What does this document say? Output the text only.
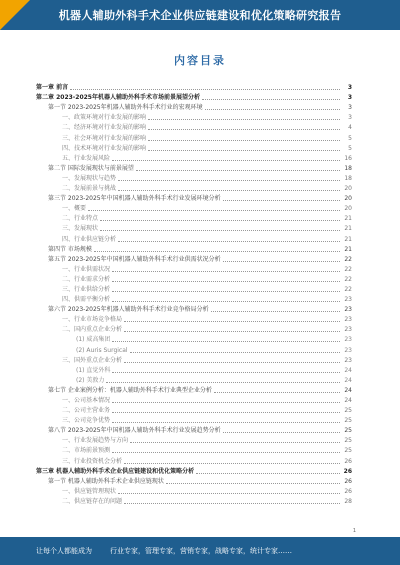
机器人辅助外科手术企业供应链建设和优化策略研究报告
内容目录
第一章 前言	3
第二章 2023-2025年机器人辅助外科手术市场前景展望分析	3
第一节 2023-2025年机器人辅助外科手术行业的宏观环境	3
一、政策环境对行业发展的影响	3
二、经济环境对行业发展的影响	4
三、社会环境对行业发展的影响	5
四、技术环境对行业发展的影响	5
五、行业发展风险	16
第二节 国际发展现状与前景展望	18
一、发展现状与趋势	18
二、发展前景与挑战	20
第三节 2023-2025年中国机器人辅助外科手术行业发展环境分析	20
一、概要	20
二、行业特点	21
三、发展现状	21
四、行业供应链分析	21
第四节 市场规模	21
第五节 2023-2025年中国机器人辅助外科手术行业供需状况分析	22
一、行业供需状况	22
二、行业需求分析	22
三、行业供给分析	22
四、供需平衡分析	23
第六节 2023-2025年机器人辅助外科手术行业竞争格局分析	23
一、行业市场竞争格局	23
二、国内重点企业分析	23
(1) 威高集团	23
(2) Auris Surgical	23
三、国外重点企业分析	23
(1) 直觉外科	24
(2) 美敦力	24
第七节 企业案例分析：机器人辅助外科手术行业典型企业分析	24
一、公司基本情况	24
二、公司主营业务	25
三、公司竞争优势	25
第八节 2023-2025年中国机器人辅助外科手术行业发展趋势分析	25
一、行业发展趋势与方向	25
二、市场前景预测	25
三、行业投资机会分析	26
第三章 机器人辅助外科手术企业供应链建设和优化策略分析	26
第一节 机器人辅助外科手术企业供应链现状	26
一、供应链管理现状	26
二、供应链存在的问题	28
1
让每个人都能成为	行业专家，管理专家，营销专家，战略专家，统计专家……
